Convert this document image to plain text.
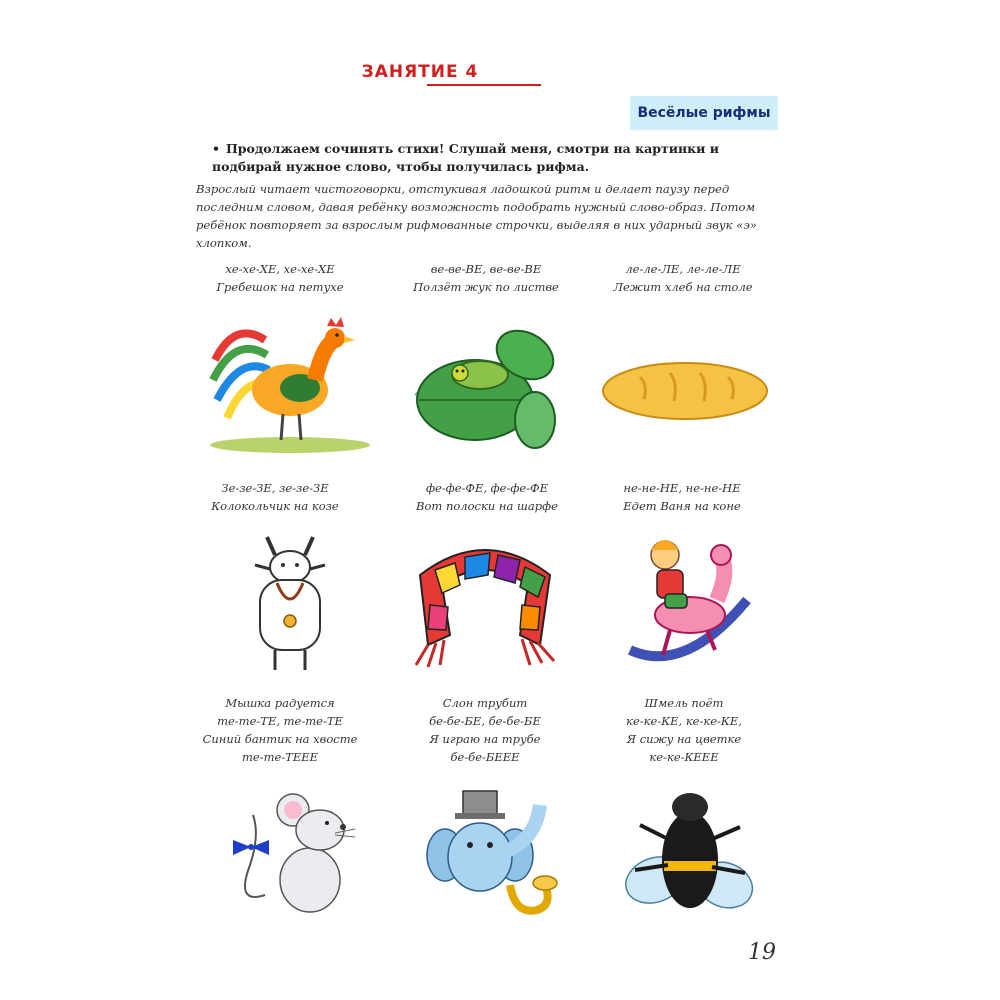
ЗАНЯТИЕ 4
Весёлые рифмы
• Продолжаем сочинять стихи! Слушай меня, смотри на картинки и подбирай нужное слово, чтобы получилась рифма.
Взрослый читает чистоговорки, отстукивая ладошкой ритм и делает паузу перед последним словом, давая ребёнку возможность подобрать нужный слово-образ. Потом ребёнок повторяет за взрослым рифмованные строчки, выделяя в них ударный звук «э» хлопком.
хе-хе-ХЕ, хе-хе-ХЕ
Гребешок на петухе
ве-ве-ВЕ, ве-ве-ВЕ
Ползёт жук по листве
ле-ле-ЛЕ, ле-ле-ЛЕ
Лежит хлеб на столе
Зе-зе-ЗЕ, зе-зе-ЗЕ
Колокольчик на козе
фе-фе-ФЕ, фе-фе-ФЕ
Вот полоски на шарфе
не-не-НЕ, не-не-НЕ
Едет Ваня на коне
Мышка радуется
те-те-ТЕ, те-те-ТЕ
Синий бантик на хвосте
те-те-ТЕЕЕ
Слон трубит
бе-бе-БЕ, бе-бе-БЕ
Я играю на трубе
бе-бе-БЕЕЕ
Шмель поёт
ке-ке-КЕ, ке-ке-КЕ,
Я сижу на цветке
ке-ке-КЕЕЕ
19
